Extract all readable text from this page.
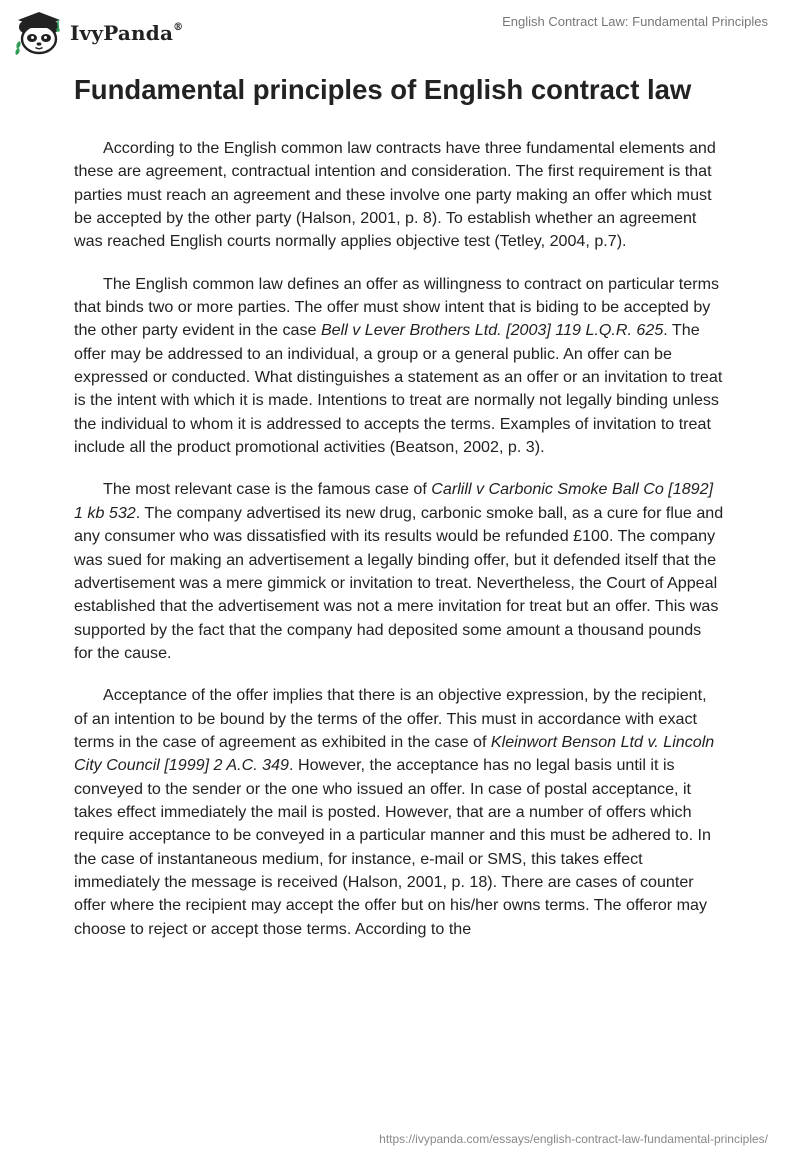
IvyPanda®	English Contract Law: Fundamental Principles
Fundamental principles of English contract law

According to the English common law contracts have three fundamental elements and these are agreement, contractual intention and consideration. The first requirement is that parties must reach an agreement and these involve one party making an offer which must be accepted by the other party (Halson, 2001, p. 8). To establish whether an agreement was reached English courts normally applies objective test (Tetley, 2004, p.7).

The English common law defines an offer as willingness to contract on particular terms that binds two or more parties. The offer must show intent that is biding to be accepted by the other party evident in the case Bell v Lever Brothers Ltd. [2003] 119 L.Q.R. 625. The offer may be addressed to an individual, a group or a general public. An offer can be expressed or conducted. What distinguishes a statement as an offer or an invitation to treat is the intent with which it is made. Intentions to treat are normally not legally binding unless the individual to whom it is addressed to accepts the terms. Examples of invitation to treat include all the product promotional activities (Beatson, 2002, p. 3).

The most relevant case is the famous case of Carlill v Carbonic Smoke Ball Co [1892] 1 kb 532. The company advertised its new drug, carbonic smoke ball, as a cure for flue and any consumer who was dissatisfied with its results would be refunded £100. The company was sued for making an advertisement a legally binding offer, but it defended itself that the advertisement was a mere gimmick or invitation to treat. Nevertheless, the Court of Appeal established that the advertisement was not a mere invitation for treat but an offer. This was supported by the fact that the company had deposited some amount a thousand pounds for the cause.

Acceptance of the offer implies that there is an objective expression, by the recipient, of an intention to be bound by the terms of the offer. This must in accordance with exact terms in the case of agreement as exhibited in the case of Kleinwort Benson Ltd v. Lincoln City Council [1999] 2 A.C. 349. However, the acceptance has no legal basis until it is conveyed to the sender or the one who issued an offer. In case of postal acceptance, it takes effect immediately the mail is posted. However, that are a number of offers which require acceptance to be conveyed in a particular manner and this must be adhered to. In the case of instantaneous medium, for instance, e-mail or SMS, this takes effect immediately the message is received (Halson, 2001, p. 18). There are cases of counter offer where the recipient may accept the offer but on his/her owns terms. The offeror may choose to reject or accept those terms. According to the

https://ivypanda.com/essays/english-contract-law-fundamental-principles/
